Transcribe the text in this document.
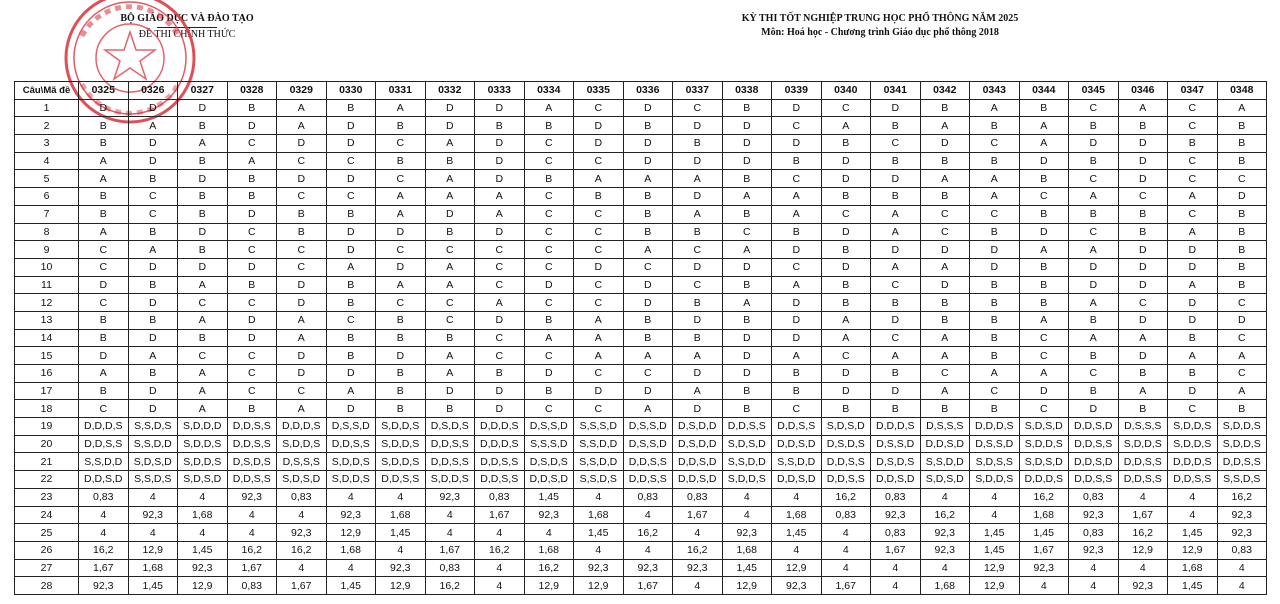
BỘ GIÁO DỤC VÀ ĐÀO TẠO
ĐỀ THI CHÍNH THỨC
KỲ THI TỐT NGHIỆP TRUNG HỌC PHỔ THÔNG NĂM 2025
Môn: Hoá học - Chương trình Giáo dục phổ thông 2018
Câu\Mã đề	0325	0326	0327	0328	0329	0330	0331	0332	0333	0334	0335	0336	0337	0338	0339	0340	0341	0342	0343	0344	0345	0346	0347	0348
1	D	D	D	B	A	B	A	D	D	A	C	D	C	B	D	C	D	B	A	B	C	A	C	A
2	B	A	B	D	A	D	B	D	B	B	D	B	D	D	C	A	B	A	B	A	B	B	C	B
3	B	D	A	C	D	D	C	A	D	C	D	D	B	D	D	B	C	D	C	A	D	D	B	B
4	A	D	B	A	C	C	B	B	D	C	C	D	D	D	B	D	B	B	B	D	B	D	C	B
5	A	B	D	B	D	D	C	A	D	B	A	A	A	B	C	D	D	A	A	B	C	D	C	C
6	B	C	B	B	C	C	A	A	A	C	B	B	D	A	A	B	B	B	A	C	A	C	A	D
7	B	C	B	D	B	B	A	D	A	C	C	B	A	B	A	C	A	C	C	B	B	B	C	B
8	A	B	D	C	B	D	D	B	D	C	C	B	B	C	B	D	A	C	B	D	C	B	A	B
9	C	A	B	C	C	D	C	C	C	C	C	A	C	A	D	B	D	D	D	A	A	D	D	B
10	C	D	D	D	C	A	D	A	C	C	D	C	D	D	C	D	A	A	D	B	D	D	D	B
11	D	B	A	B	D	B	A	A	C	D	C	D	C	B	A	B	C	D	B	B	D	D	A	B
12	C	D	C	C	D	B	C	C	A	C	C	D	B	A	D	B	B	B	B	B	A	C	D	C
13	B	B	A	D	A	C	B	C	D	B	A	B	D	B	D	A	D	B	B	A	B	D	D	D
14	B	D	B	D	A	B	B	B	C	A	A	B	B	D	D	A	C	A	B	C	A	A	B	C
15	D	A	C	C	D	B	D	A	C	C	A	A	A	D	A	C	A	A	B	C	B	D	A	A
16	A	B	A	C	D	D	B	A	B	D	C	C	D	D	B	D	B	C	A	A	C	B	B	C
17	B	D	A	C	C	A	B	D	D	B	D	D	A	B	B	D	D	A	C	D	B	A	D	A
18	C	D	A	B	A	D	B	B	D	C	C	A	D	B	C	B	B	B	B	C	D	B	C	B
19	D,D,D,S	S,S,D,S	S,D,D,D	D,D,S,S	D,D,D,S	D,S,S,D	S,D,D,S	D,S,D,S	D,D,D,S	D,S,S,D	S,S,S,D	D,S,S,D	D,S,D,D	D,D,S,S	D,D,S,S	S,D,S,D	D,D,D,S	D,S,S,S	D,D,D,S	S,D,S,D	D,D,S,D	D,S,S,S	S,D,D,S	S,D,D,S
20	D,D,S,S	S,S,D,D	S,D,D,S	D,D,S,S	S,D,D,S	D,D,S,S	S,D,D,S	D,D,S,S	D,D,D,S	S,S,S,D	S,S,D,D	D,S,S,D	D,S,D,D	S,D,S,D	D,D,S,D	D,S,D,S	D,S,S,D	D,D,S,D	D,S,S,D	S,D,D,S	D,D,S,S	S,D,D,S	S,D,D,S	S,D,D,S
21	S,S,D,D	S,D,S,D	S,D,D,S	D,S,D,S	D,S,S,S	S,D,D,S	S,D,D,S	D,D,S,S	D,D,S,S	D,S,D,S	S,S,D,D	D,D,S,S	D,D,S,D	S,S,D,D	S,S,D,D	D,D,S,S	D,S,D,S	S,S,D,D	S,D,S,S	S,D,S,D	D,D,S,D	D,D,S,S	D,D,D,S	D,D,S,S
22	D,D,S,D	S,S,D,S	S,D,S,D	D,D,S,S	S,D,S,D	S,D,D,S	D,D,S,S	S,D,D,S	D,D,S,S	D,D,S,D	S,S,D,S	D,D,S,S	D,D,S,D	S,D,D,S	D,D,S,D	D,D,S,S	D,D,S,D	S,D,S,D	S,D,D,S	D,D,D,S	D,D,S,S	D,D,S,S	D,D,S,S	S,S,D,S
23	0,83	4	4	92,3	0,83	4	4	92,3	0,83	1,45	4	0,83	0,83	4	4	16,2	0,83	4	4	16,2	0,83	4	4	16,2
24	4	92,3	1,68	4	4	92,3	1,68	4	1,67	92,3	1,68	4	1,67	4	1,68	0,83	92,3	16,2	4	1,68	92,3	1,67	4	92,3
25	4	4	4	4	92,3	12,9	1,45	4	4	4	1,45	16,2	4	92,3	1,45	4	0,83	92,3	1,45	1,45	0,83	16,2	1,45	92,3
26	16,2	12,9	1,45	16,2	16,2	1,68	4	1,67	16,2	1,68	4	4	16,2	1,68	4	4	1,67	92,3	1,45	1,67	92,3	12,9	12,9	0,83
27	1,67	1,68	92,3	1,67	4	4	92,3	0,83	4	16,2	92,3	92,3	92,3	1,45	12,9	4	4	4	12,9	92,3	4	4	1,68	4
28	92,3	1,45	12,9	0,83	1,67	1,45	12,9	16,2	4	12,9	12,9	1,67	4	12,9	92,3	1,67	4	1,68	12,9	4	4	92,3	1,45	4
